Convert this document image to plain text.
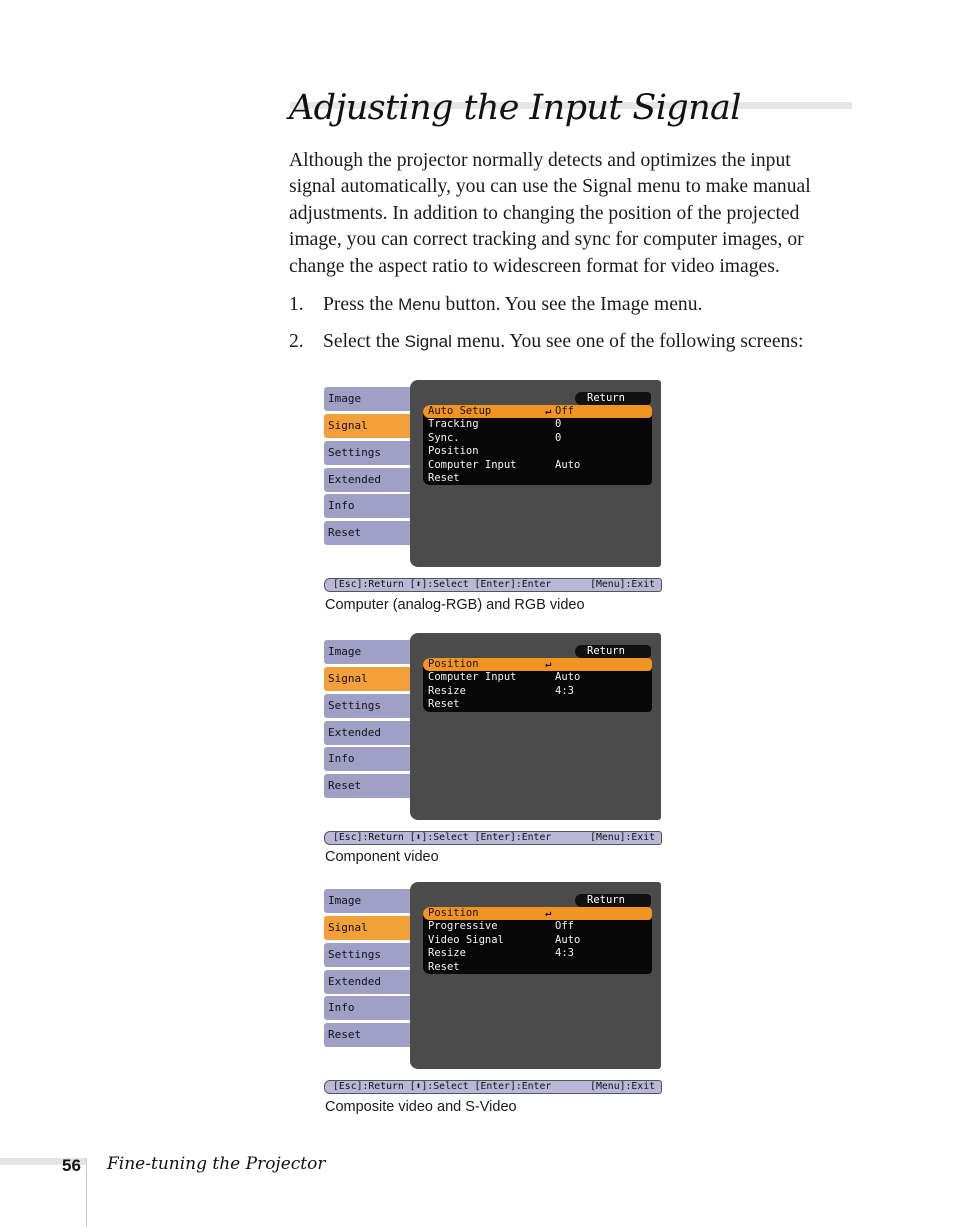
Adjusting the Input Signal

Although the projector normally detects and optimizes the input signal automatically, you can use the Signal menu to make manual adjustments. In addition to changing the position of the projected image, you can correct tracking and sync for computer images, or change the aspect ratio to widescreen format for video images.

1. Press the Menu button. You see the Image menu.
2. Select the Signal menu. You see one of the following screens:
Image
Signal
Settings
Extended
Info
Reset
Return
Auto Setup	↵ Off
Tracking	0
Sync.	0
Position
Computer Input	Auto
Reset
[Esc]:Return [⬍]:Select [Enter]:Enter	[Menu]:Exit
Computer (analog-RGB) and RGB video
Image
Signal
Settings
Extended
Info
Reset
Return
Position	↵
Computer Input	Auto
Resize	4:3
Reset
[Esc]:Return [⬍]:Select [Enter]:Enter	[Menu]:Exit
Component video
Image
Signal
Settings
Extended
Info
Reset
Return
Position	↵
Progressive	Off
Video Signal	Auto
Resize	4:3
Reset
[Esc]:Return [⬍]:Select [Enter]:Enter	[Menu]:Exit
Composite video and S-Video
56 Fine-tuning the Projector
